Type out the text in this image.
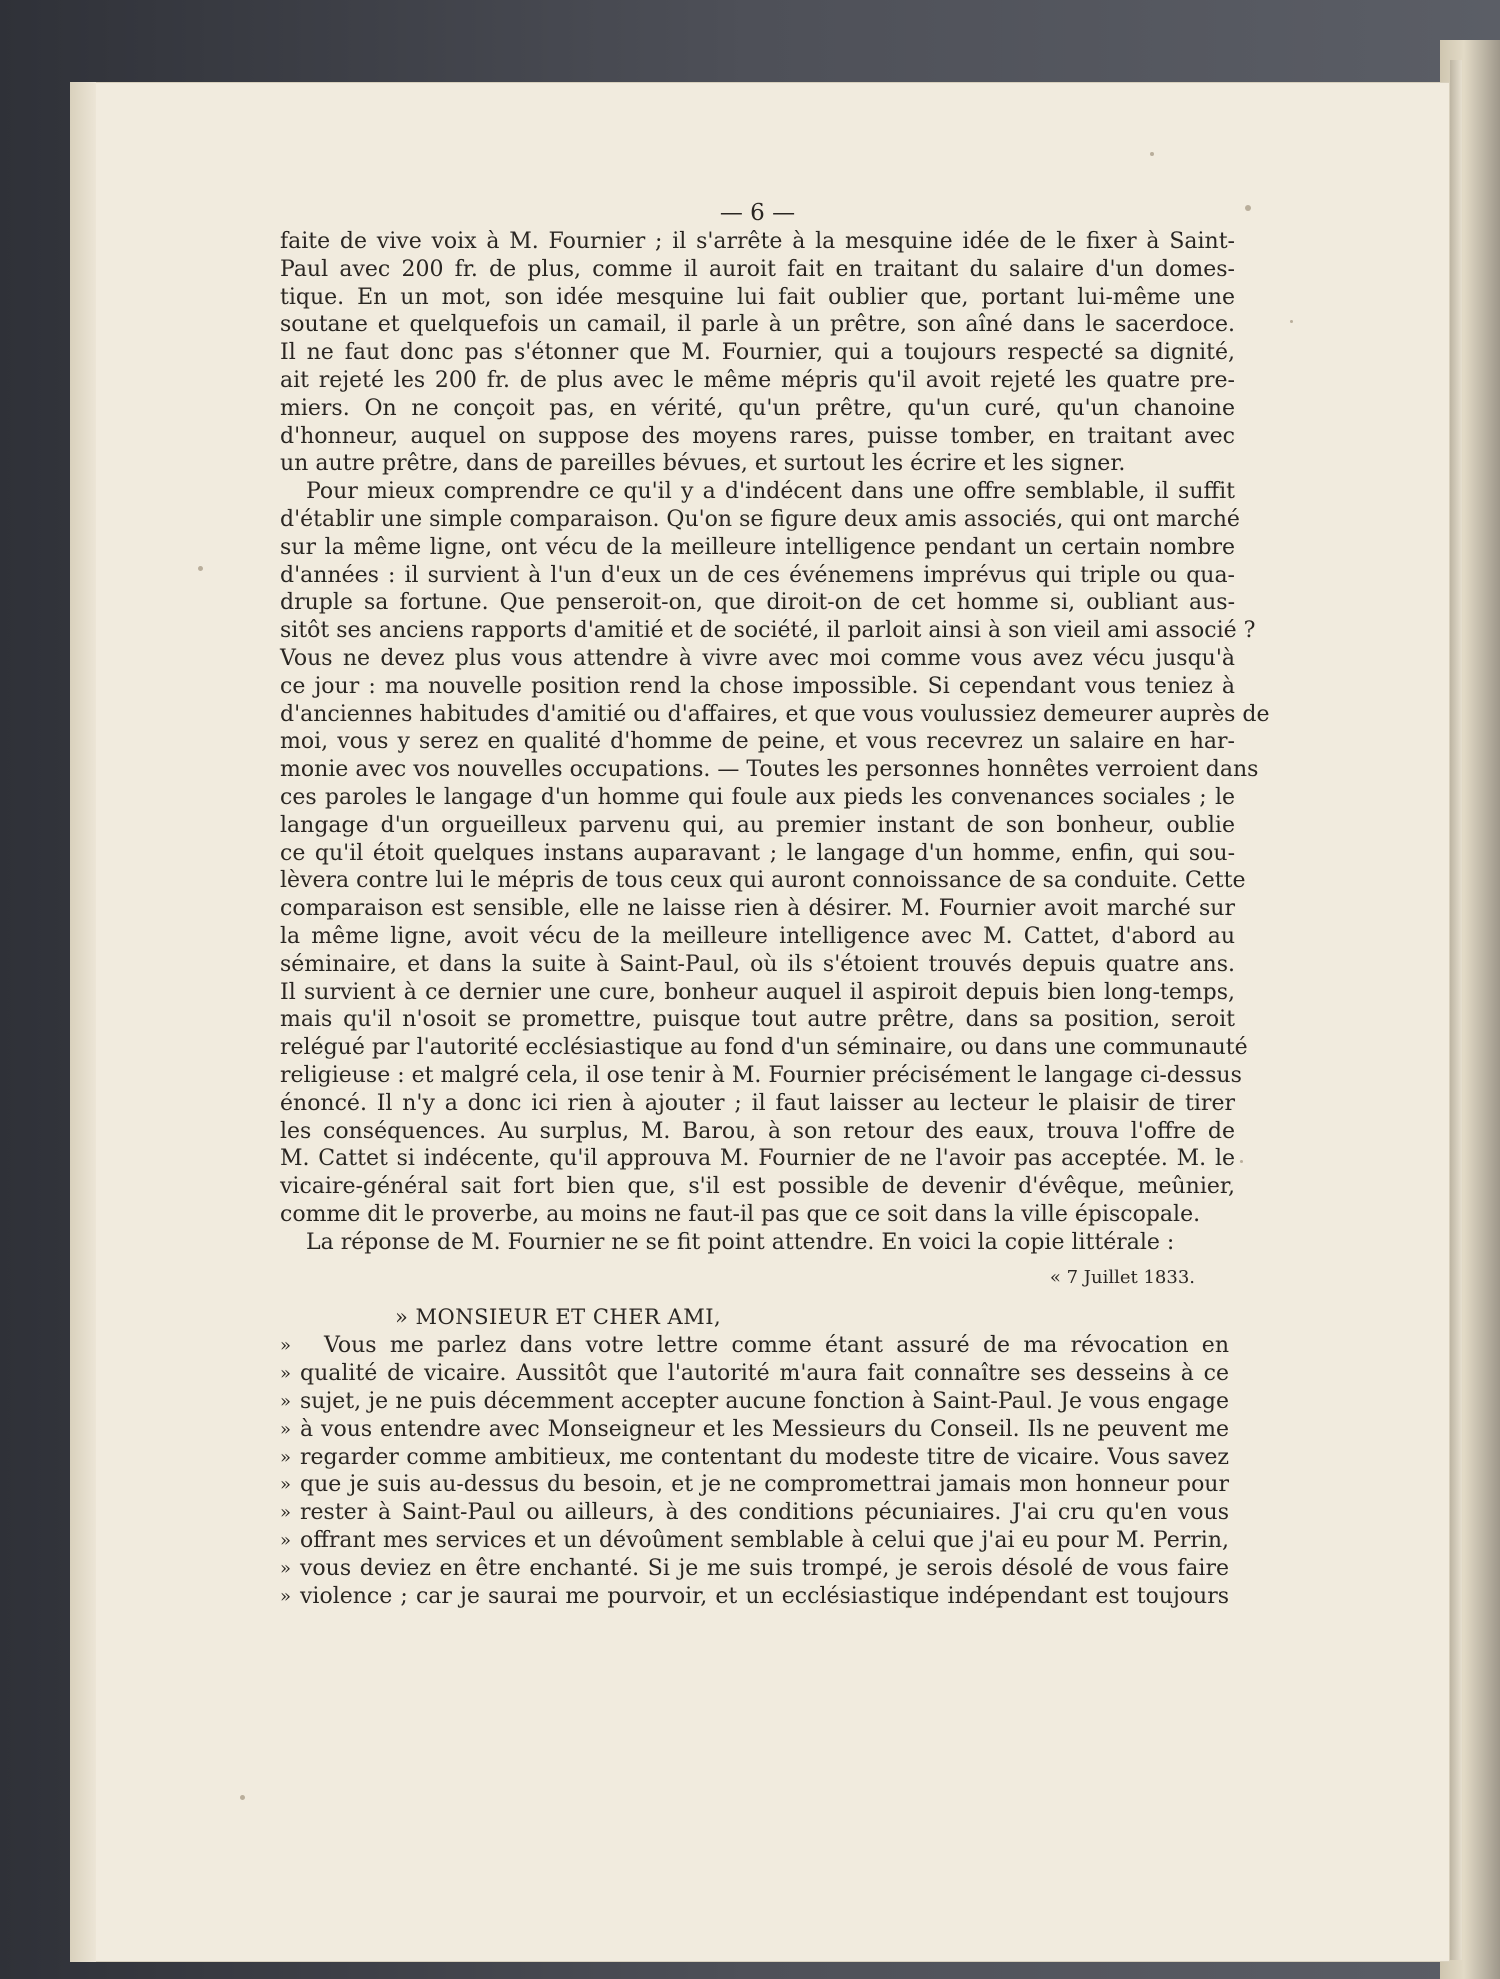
— 6 —
faite de vive voix à M. Fournier ; il s'arrête à la mesquine idée de le fixer à Saint-
Paul avec 200 fr. de plus, comme il auroit fait en traitant du salaire d'un domes-
tique. En un mot, son idée mesquine lui fait oublier que, portant lui-même une
soutane et quelquefois un camail, il parle à un prêtre, son aîné dans le sacerdoce.
Il ne faut donc pas s'étonner que M. Fournier, qui a toujours respecté sa dignité,
ait rejeté les 200 fr. de plus avec le même mépris qu'il avoit rejeté les quatre pre-
miers. On ne conçoit pas, en vérité, qu'un prêtre, qu'un curé, qu'un chanoine
d'honneur, auquel on suppose des moyens rares, puisse tomber, en traitant avec
un autre prêtre, dans de pareilles bévues, et surtout les écrire et les signer.
Pour mieux comprendre ce qu'il y a d'indécent dans une offre semblable, il suffit
d'établir une simple comparaison. Qu'on se figure deux amis associés, qui ont marché
sur la même ligne, ont vécu de la meilleure intelligence pendant un certain nombre
d'années : il survient à l'un d'eux un de ces événemens imprévus qui triple ou qua-
druple sa fortune. Que penseroit-on, que diroit-on de cet homme si, oubliant aus-
sitôt ses anciens rapports d'amitié et de société, il parloit ainsi à son vieil ami associé ?
Vous ne devez plus vous attendre à vivre avec moi comme vous avez vécu jusqu'à
ce jour : ma nouvelle position rend la chose impossible. Si cependant vous teniez à
d'anciennes habitudes d'amitié ou d'affaires, et que vous voulussiez demeurer auprès de
moi, vous y serez en qualité d'homme de peine, et vous recevrez un salaire en har-
monie avec vos nouvelles occupations. — Toutes les personnes honnêtes verroient dans
ces paroles le langage d'un homme qui foule aux pieds les convenances sociales ; le
langage d'un orgueilleux parvenu qui, au premier instant de son bonheur, oublie
ce qu'il étoit quelques instans auparavant ; le langage d'un homme, enfin, qui sou-
lèvera contre lui le mépris de tous ceux qui auront connoissance de sa conduite. Cette
comparaison est sensible, elle ne laisse rien à désirer. M. Fournier avoit marché sur
la même ligne, avoit vécu de la meilleure intelligence avec M. Cattet, d'abord au
séminaire, et dans la suite à Saint-Paul, où ils s'étoient trouvés depuis quatre ans.
Il survient à ce dernier une cure, bonheur auquel il aspiroit depuis bien long-temps,
mais qu'il n'osoit se promettre, puisque tout autre prêtre, dans sa position, seroit
relégué par l'autorité ecclésiastique au fond d'un séminaire, ou dans une communauté
religieuse : et malgré cela, il ose tenir à M. Fournier précisément le langage ci-dessus
énoncé. Il n'y a donc ici rien à ajouter ; il faut laisser au lecteur le plaisir de tirer
les conséquences. Au surplus, M. Barou, à son retour des eaux, trouva l'offre de
M. Cattet si indécente, qu'il approuva M. Fournier de ne l'avoir pas acceptée. M. le
vicaire-général sait fort bien que, s'il est possible de devenir d'évêque, meûnier,
comme dit le proverbe, au moins ne faut-il pas que ce soit dans la ville épiscopale.
La réponse de M. Fournier ne se fit point attendre. En voici la copie littérale :
« 7 Juillet 1833.
» MONSIEUR ET CHER AMI,
» Vous me parlez dans votre lettre comme étant assuré de ma révocation en
» qualité de vicaire. Aussitôt que l'autorité m'aura fait connaître ses desseins à ce
» sujet, je ne puis décemment accepter aucune fonction à Saint-Paul. Je vous engage
» à vous entendre avec Monseigneur et les Messieurs du Conseil. Ils ne peuvent me
» regarder comme ambitieux, me contentant du modeste titre de vicaire. Vous savez
» que je suis au-dessus du besoin, et je ne compromettrai jamais mon honneur pour
» rester à Saint-Paul ou ailleurs, à des conditions pécuniaires. J'ai cru qu'en vous
» offrant mes services et un dévoûment semblable à celui que j'ai eu pour M. Perrin,
» vous deviez en être enchanté. Si je me suis trompé, je serois désolé de vous faire
» violence ; car je saurai me pourvoir, et un ecclésiastique indépendant est toujours
